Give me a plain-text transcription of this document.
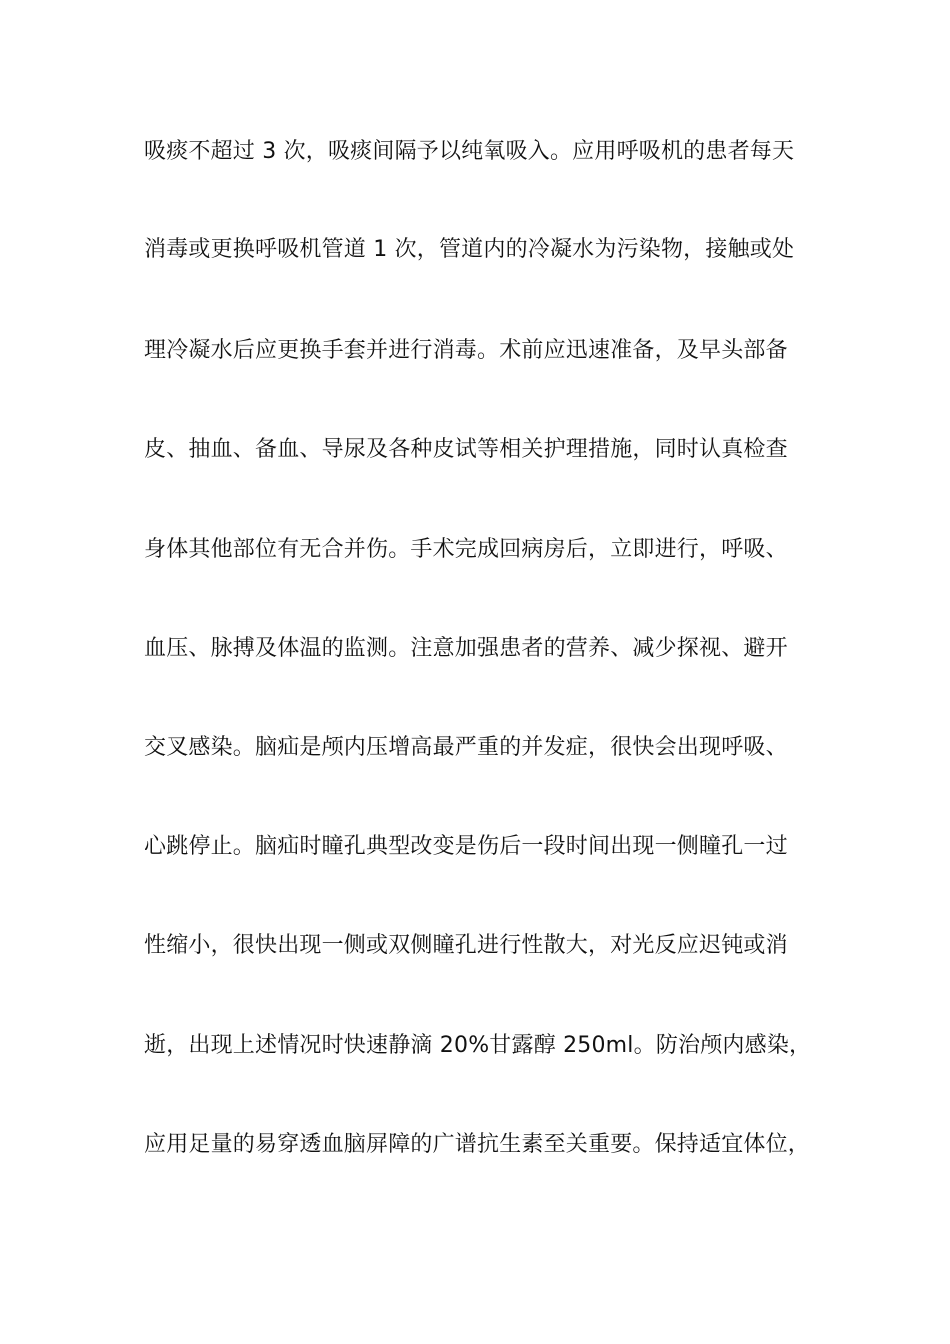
吸痰不超过 3 次，吸痰间隔予以纯氧吸入。应用呼吸机的患者每天
消毒或更换呼吸机管道 1 次，管道内的冷凝水为污染物，接触或处
理冷凝水后应更换手套并进行消毒。术前应迅速准备，及早头部备
皮、抽血、备血、导尿及各种皮试等相关护理措施，同时认真检查
身体其他部位有无合并伤。手术完成回病房后，立即进行，呼吸、
血压、脉搏及体温的监测。注意加强患者的营养、减少探视、避开
交叉感染。脑疝是颅内压增高最严重的并发症，很快会出现呼吸、
心跳停止。脑疝时瞳孔典型改变是伤后一段时间出现一侧瞳孔一过
性缩小，很快出现一侧或双侧瞳孔进行性散大，对光反应迟钝或消
逝，出现上述情况时快速静滴 20%甘露醇 250ml。防治颅内感染，
应用足量的易穿透血脑屏障的广谱抗生素至关重要。保持适宜体位，
